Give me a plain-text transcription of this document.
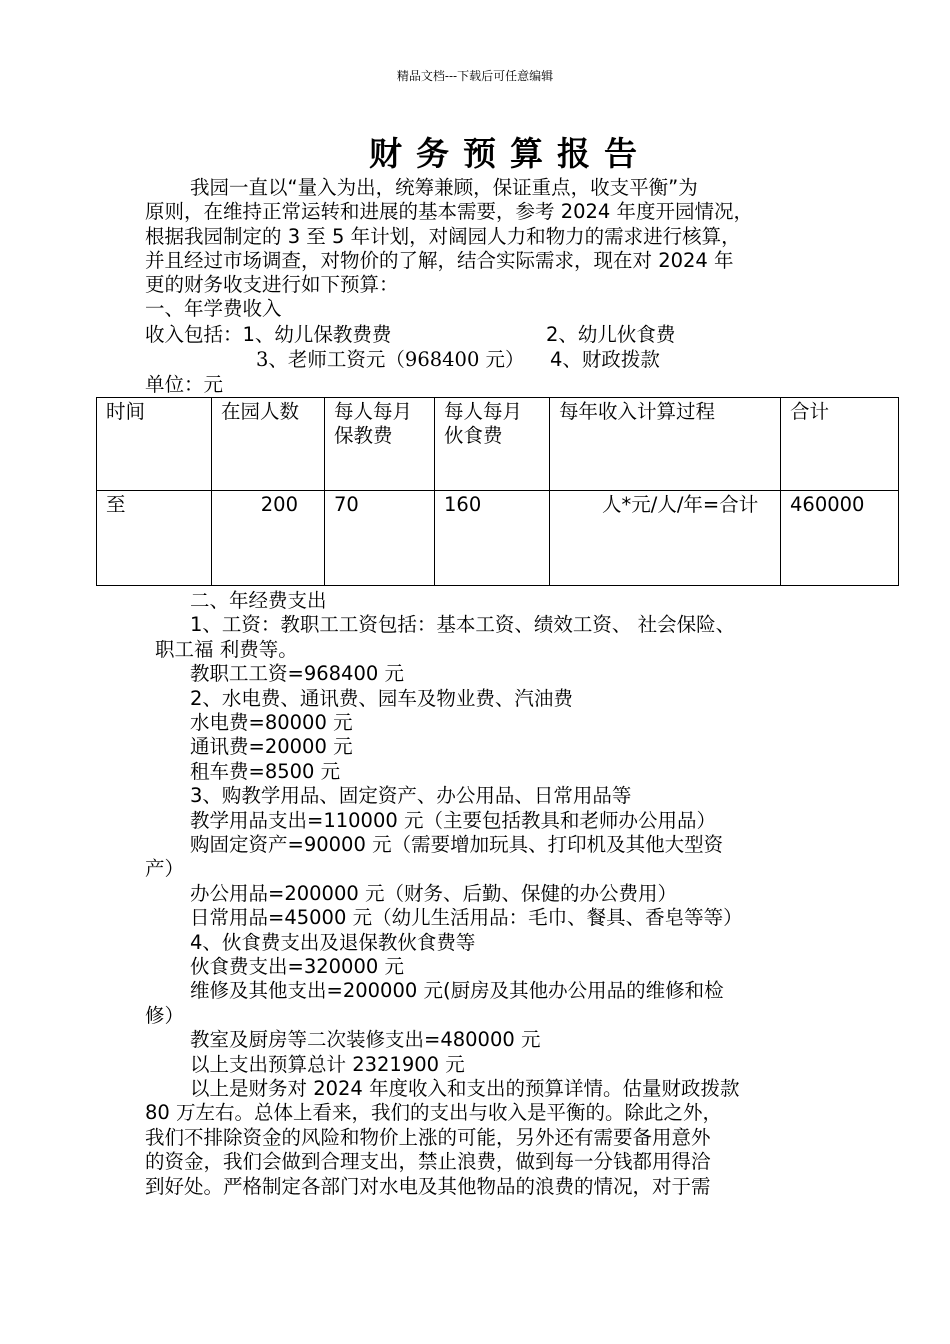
精品文档---下载后可任意编辑
财务预算报告
我园一直以“量入为出，统筹兼顾，保证重点，收支平衡”为
原则，在维持正常运转和进展的基本需要，参考 2024 年度开园情况，
根据我园制定的 3 至 5 年计划，对阔园人力和物力的需求进行核算，
并且经过市场调查，对物价的了解，结合实际需求，现在对 2024 年
更的财务收支进行如下预算：
一、年学费收入
收入包括：1、幼儿保教费费	2、幼儿伙食费
3、老师工资元（968400 元） 4、财政拨款
单位：元
时间	在园人数	每人每月保教费	每人每月伙食费	每年收入计算过程	合计
至	200	70	160	人*元/人/年=合计	460000
二、年经费支出
1、工资：教职工工资包括：基本工资、绩效工资、 社会保险、
职工福 利费等。
教职工工资=968400 元
2、水电费、通讯费、园车及物业费、汽油费
水电费=80000 元
通讯费=20000 元
租车费=8500 元
3、购教学用品、固定资产、办公用品、日常用品等
教学用品支出=110000 元（主要包括教具和老师办公用品）
购固定资产=90000 元（需要增加玩具、打印机及其他大型资
产）
办公用品=200000 元（财务、后勤、保健的办公费用）
日常用品=45000 元（幼儿生活用品：毛巾、餐具、香皂等等）
4、伙食费支出及退保教伙食费等
伙食费支出=320000 元
维修及其他支出=200000 元(厨房及其他办公用品的维修和检
修）
教室及厨房等二次装修支出=480000 元
以上支出预算总计 2321900 元
以上是财务对 2024 年度收入和支出的预算详情。估量财政拨款
80 万左右。总体上看来，我们的支出与收入是平衡的。除此之外，
我们不排除资金的风险和物价上涨的可能，另外还有需要备用意外
的资金，我们会做到合理支出，禁止浪费，做到每一分钱都用得洽
到好处。严格制定各部门对水电及其他物品的浪费的情况，对于需
